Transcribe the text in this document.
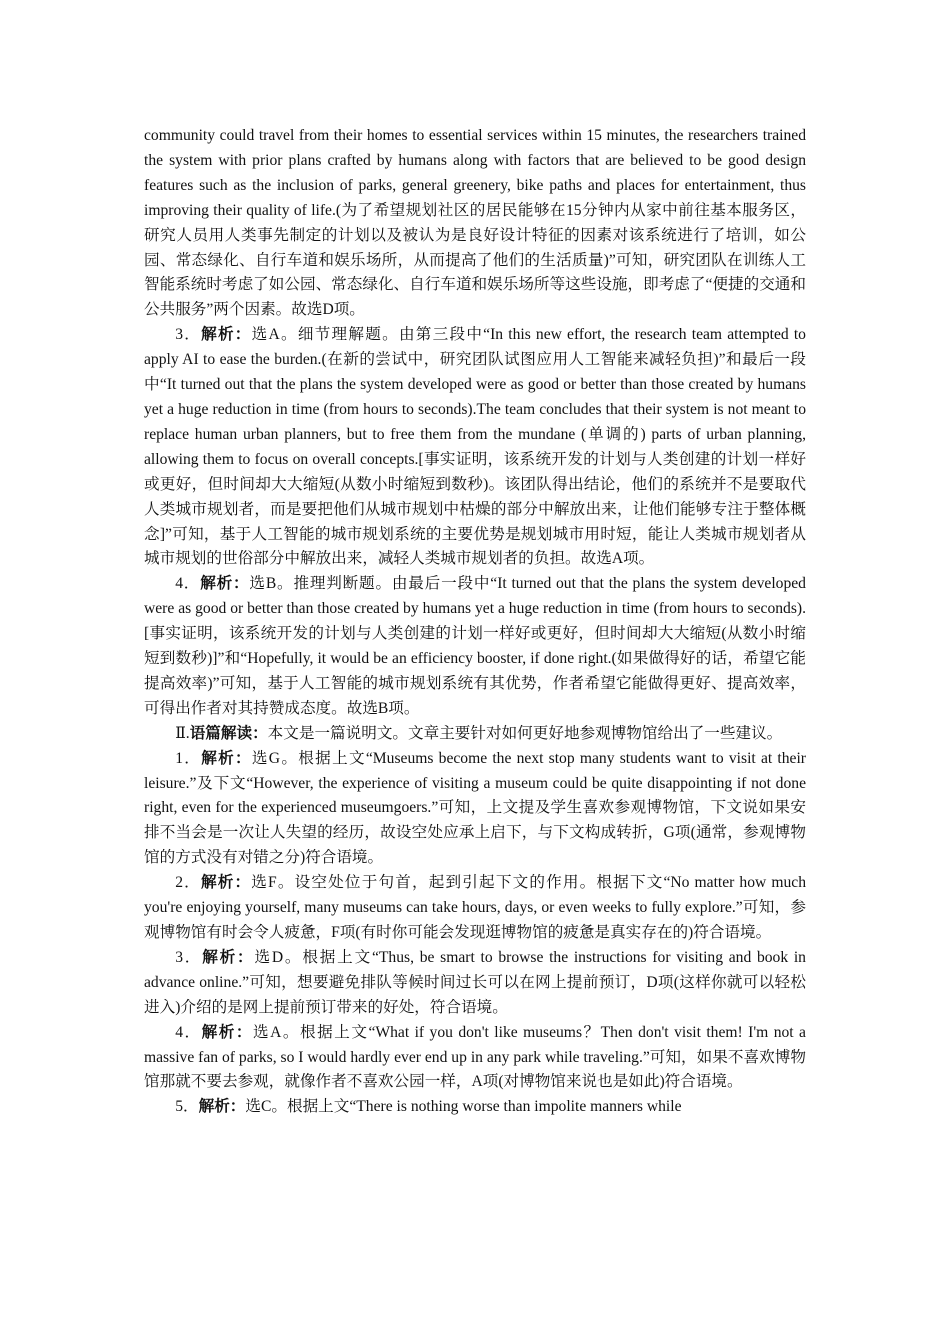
community could travel from their homes to essential services within 15 minutes, the researchers trained the system with prior plans crafted by humans along with factors that are believed to be good design features such as the inclusion of parks, general greenery, bike paths and places for entertainment, thus improving their quality of life.(为了希望规划社区的居民能够在15分钟内从家中前往基本服务区，研究人员用人类事先制定的计划以及被认为是良好设计特征的因素对该系统进行了培训，如公园、常态绿化、自行车道和娱乐场所，从而提高了他们的生活质量)”可知，研究团队在训练人工智能系统时考虑了如公园、常态绿化、自行车道和娱乐场所等这些设施，即考虑了“便捷的交通和公共服务”两个因素。故选D项。

3．解析：选A。细节理解题。由第三段中“In this new effort, the research team attempted to apply AI to ease the burden.(在新的尝试中，研究团队试图应用人工智能来减轻负担)”和最后一段中“It turned out that the plans the system developed were as good or better than those created by humans yet a huge reduction in time (from hours to seconds).The team concludes that their system is not meant to replace human urban planners, but to free them from the mundane (单调的) parts of urban planning, allowing them to focus on overall concepts.[事实证明，该系统开发的计划与人类创建的计划一样好或更好，但时间却大大缩短(从数小时缩短到数秒)。该团队得出结论，他们的系统并不是要取代人类城市规划者，而是要把他们从城市规划中枯燥的部分中解放出来，让他们能够专注于整体概念]”可知，基于人工智能的城市规划系统的主要优势是规划城市用时短，能让人类城市规划者从城市规划的世俗部分中解放出来，减轻人类城市规划者的负担。故选A项。

4．解析：选B。推理判断题。由最后一段中“It turned out that the plans the system developed were as good or better than those created by humans yet a huge reduction in time (from hours to seconds).[事实证明，该系统开发的计划与人类创建的计划一样好或更好，但时间却大大缩短(从数小时缩短到数秒)]”和“Hopefully, it would be an efficiency booster, if done right.(如果做得好的话，希望它能提高效率)”可知，基于人工智能的城市规划系统有其优势，作者希望它能做得更好、提高效率，可得出作者对其持赞成态度。故选B项。

Ⅱ.语篇解读：本文是一篇说明文。文章主要针对如何更好地参观博物馆给出了一些建议。

1．解析：选G。根据上文“Museums become the next stop many students want to visit at their leisure.”及下文“However, the experience of visiting a museum could be quite disappointing if not done right, even for the experienced museumgoers.”可知，上文提及学生喜欢参观博物馆，下文说如果安排不当会是一次让人失望的经历，故设空处应承上启下，与下文构成转折，G项(通常，参观博物馆的方式没有对错之分)符合语境。

2．解析：选F。设空处位于句首，起到引起下文的作用。根据下文“No matter how much you're enjoying yourself, many museums can take hours, days, or even weeks to fully explore.”可知，参观博物馆有时会令人疲惫，F项(有时你可能会发现逛博物馆的疲惫是真实存在的)符合语境。

3．解析：选D。根据上文“Thus, be smart to browse the instructions for visiting and book in advance online.”可知，想要避免排队等候时间过长可以在网上提前预订，D项(这样你就可以轻松进入)介绍的是网上提前预订带来的好处，符合语境。

4．解析：选A。根据上文“What if you don't like museums？Then don't visit them! I'm not a massive fan of parks, so I would hardly ever end up in any park while traveling.”可知，如果不喜欢博物馆那就不要去参观，就像作者不喜欢公园一样，A项(对博物馆来说也是如此)符合语境。

5．解析：选C。根据上文“There is nothing worse than impolite manners while
